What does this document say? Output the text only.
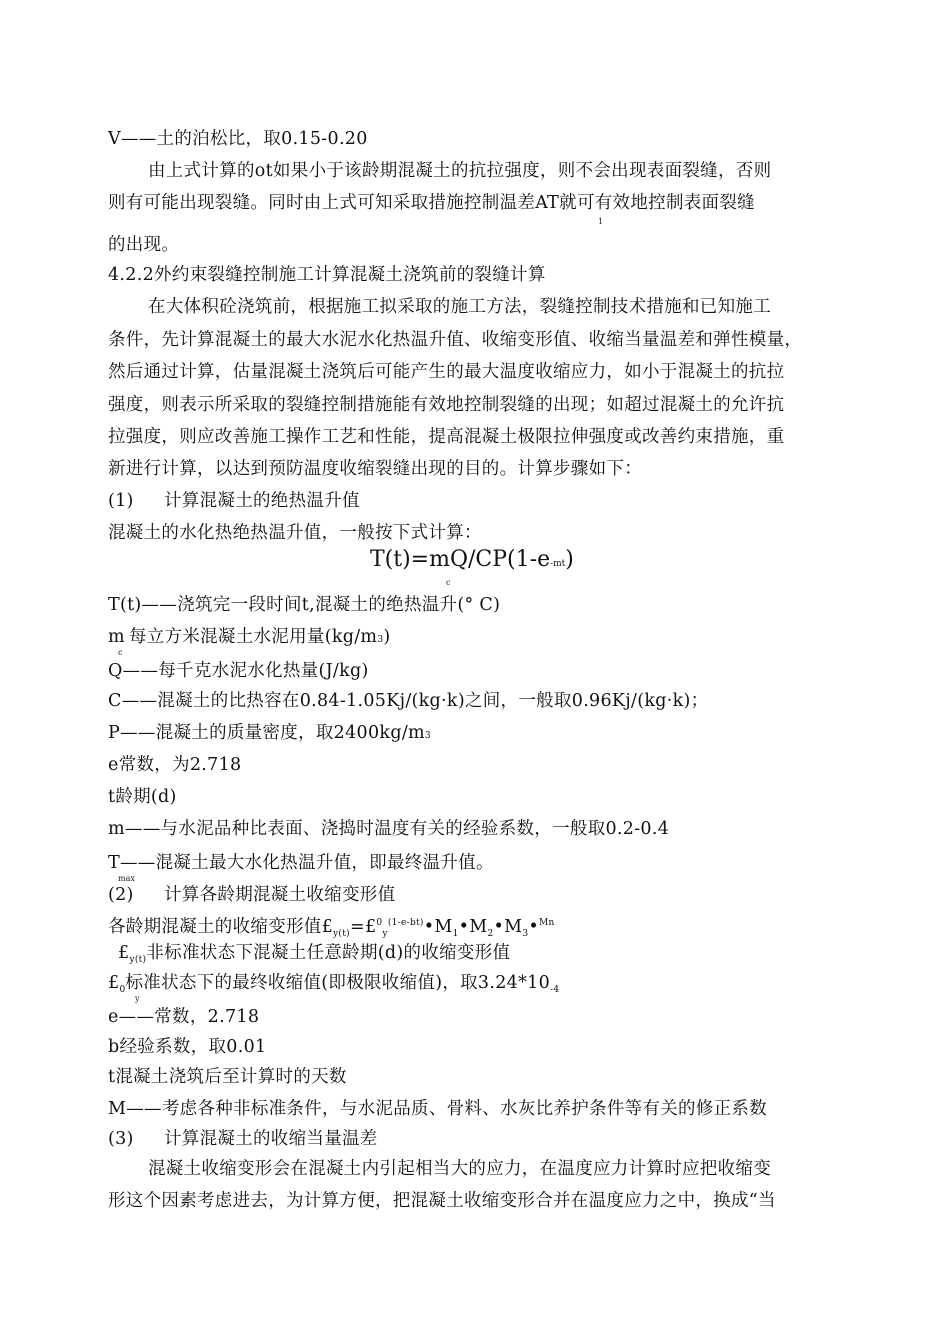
V——土的泊松比，取0.15-0.20
由上式计算的ot如果小于该龄期混凝土的抗拉强度，则不会出现表面裂缝，否则
则有可能出现裂缝。同时由上式可知采取措施控制温差AT就可有效地控制表面裂缝
1
的出现。
4.2.2外约束裂缝控制施工计算混凝土浇筑前的裂缝计算
在大体积砼浇筑前，根据施工拟采取的施工方法，裂缝控制技术措施和已知施工
条件，先计算混凝土的最大水泥水化热温升值、收缩变形值、收缩当量温差和弹性模量，
然后通过计算，估量混凝土浇筑后可能产生的最大温度收缩应力，如小于混凝土的抗拉
强度，则表示所采取的裂缝控制措施能有效地控制裂缝的出现；如超过混凝土的允许抗
拉强度，则应改善施工操作工艺和性能，提高混凝土极限拉伸强度或改善约束措施，重
新进行计算，以达到预防温度收缩裂缝出现的目的。计算步骤如下：
(1) 计算混凝土的绝热温升值
混凝土的水化热绝热温升值，一般按下式计算：
T(t)=mQ/CP(1-e-mt)
c
T(t)——浇筑完一段时间t,混凝土的绝热温升(° C)
m 每立方米混凝土水泥用量(kg/m3)
c
Q——每千克水泥水化热量(J/kg)
C——混凝土的比热容在0.84-1.05Kj/(kg·k)之间，一般取0.96Kj/(kg·k)；
P——混凝土的质量密度，取2400kg/m3
e常数，为2.718
t龄期(d)
m——与水泥品种比表面、浇捣时温度有关的经验系数，一般取0.2-0.4
T——混凝土最大水化热温升值，即最终温升值。
max
(2) 计算各龄期混凝土收缩变形值
各龄期混凝土的收缩变形值$£_{y(t)}=£^0_y^{(1-e-bt)}•M_1•M_2•M_3•^{Mn}$
$£_{y(t)}$非标准状态下混凝土任意龄期(d)的收缩变形值
$£_0$标准状态下的最终收缩值(即极限收缩值)，取$3.24*10_{-4}$
y
e——常数，2.718
b经验系数，取0.01
t混凝土浇筑后至计算时的天数
M——考虑各种非标准条件，与水泥品质、骨料、水灰比养护条件等有关的修正系数
(3) 计算混凝土的收缩当量温差
混凝土收缩变形会在混凝土内引起相当大的应力，在温度应力计算时应把收缩变
形这个因素考虑进去，为计算方便，把混凝土收缩变形合并在温度应力之中，换成“当
